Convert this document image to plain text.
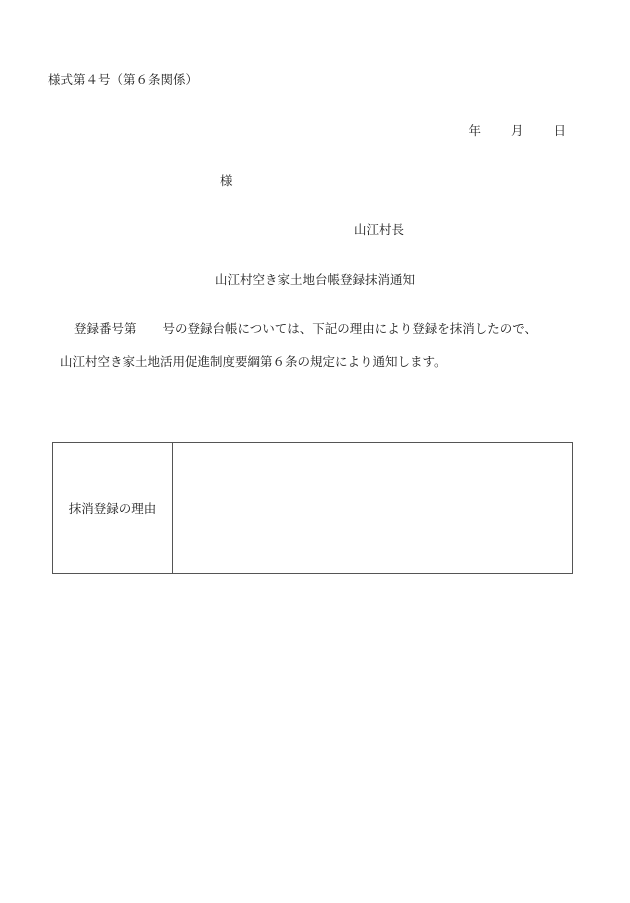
様式第４号（第６条関係）
年 月 日
様
山江村長
山江村空き家土地台帳登録抹消通知
登録番号第 号の登録台帳については、下記の理由により登録を抹消したので、
山江村空き家土地活用促進制度要綱第６条の規定により通知します。
抹消登録の理由
